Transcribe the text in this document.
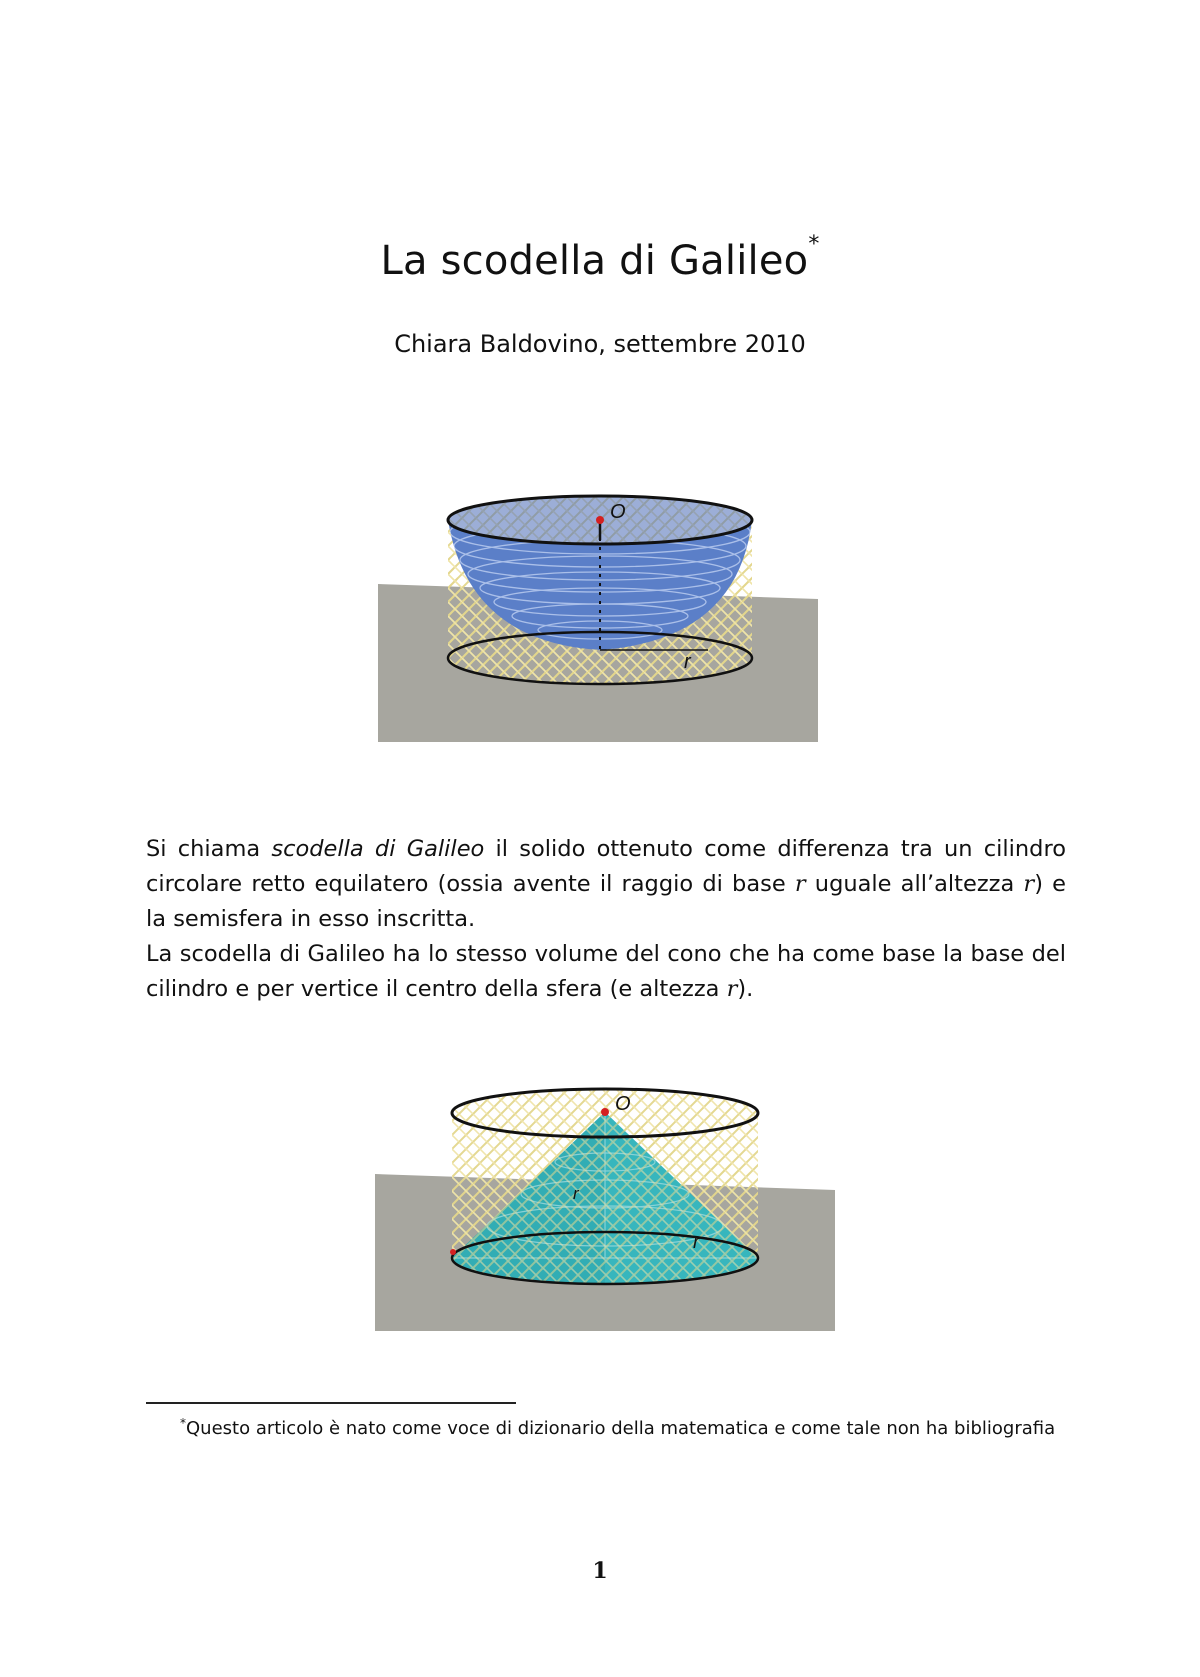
La scodella di Galileo*
Chiara Baldovino, settembre 2010
O
r
Si chiama scodella di Galileo il solido ottenuto come differenza tra un cilindro circolare retto equilatero (ossia avente il raggio di base r uguale all’altezza r) e la semisfera in esso inscritta.
La scodella di Galileo ha lo stesso volume del cono che ha come base la base del cilindro e per vertice il centro della sfera (e altezza r).
O
r
r
*Questo articolo è nato come voce di dizionario della matematica e come tale non ha bibliografia
1
